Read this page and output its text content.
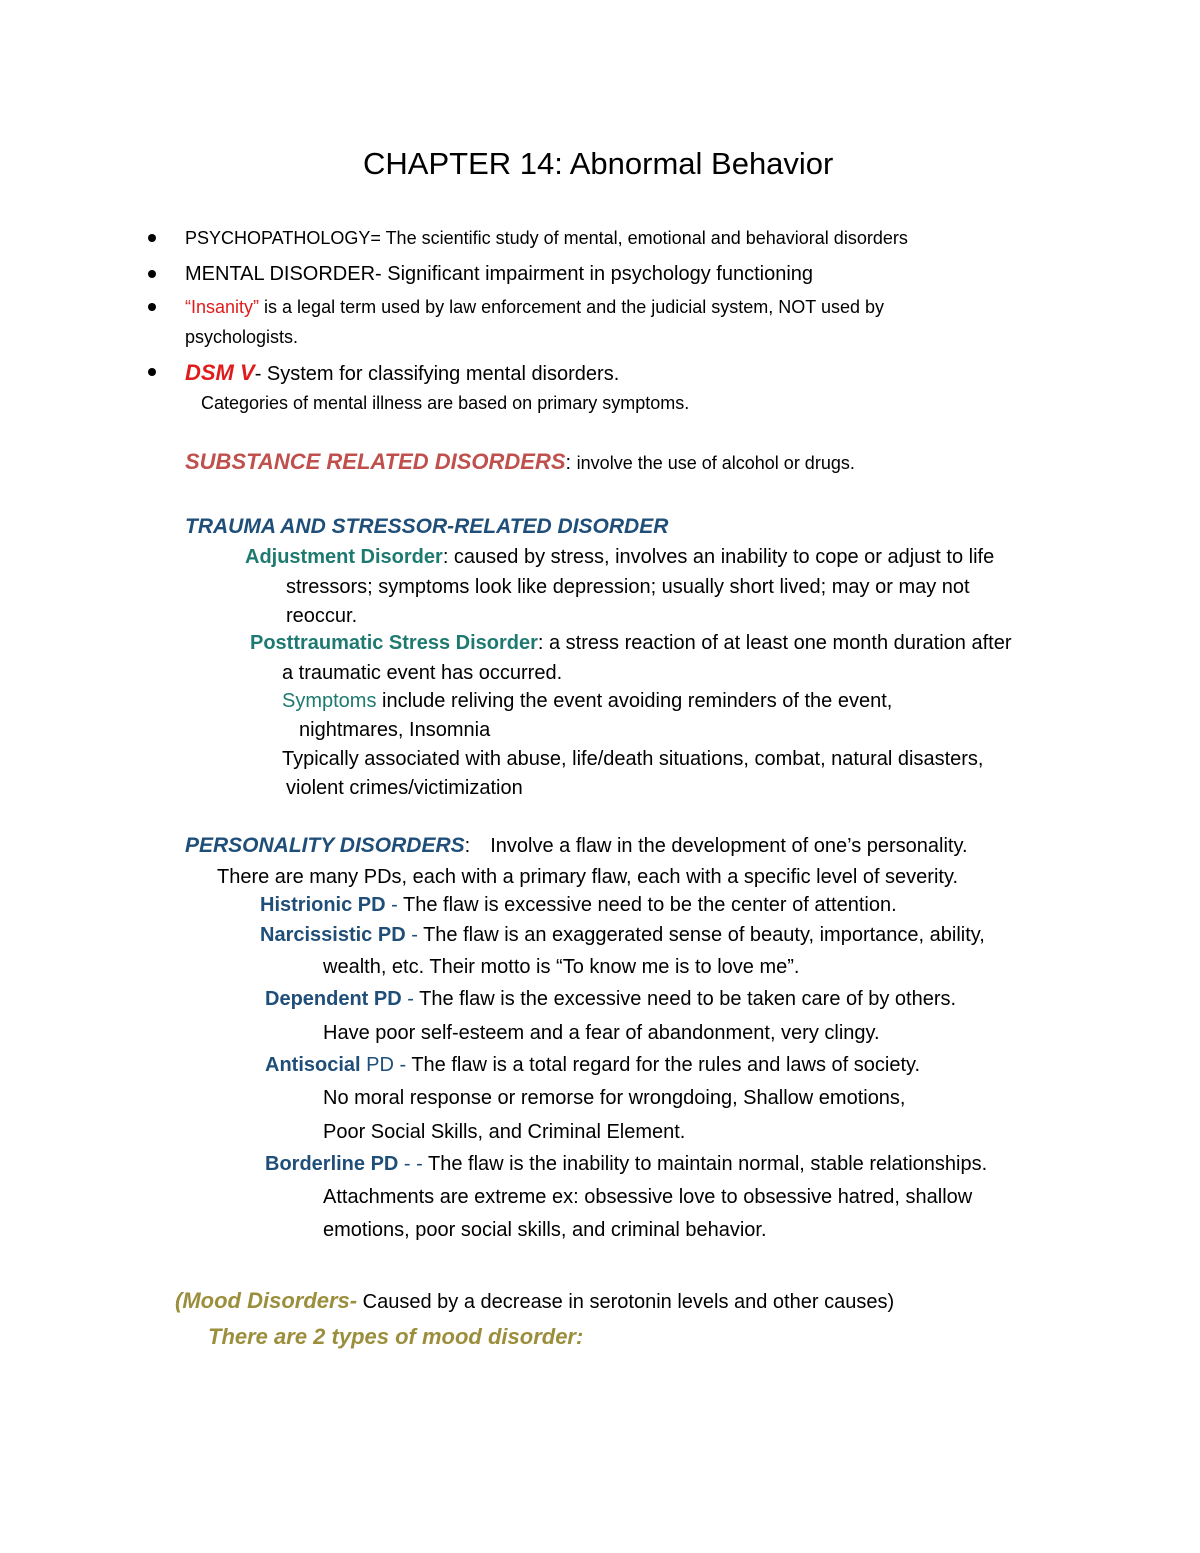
CHAPTER 14: Abnormal Behavior
PSYCHOPATHOLOGY= The scientific study of mental, emotional and behavioral disorders
MENTAL DISORDER- Significant impairment in psychology functioning
“Insanity” is a legal term used by law enforcement and the judicial system, NOT used by
psychologists.
DSM V- System for classifying mental disorders.
Categories of mental illness are based on primary symptoms.
SUBSTANCE RELATED DISORDERS: involve the use of alcohol or drugs.
TRAUMA AND STRESSOR-RELATED DISORDER
Adjustment Disorder: caused by stress, involves an inability to cope or adjust to life
stressors; symptoms look like depression; usually short lived; may or may not
reoccur.
Posttraumatic Stress Disorder: a stress reaction of at least one month duration after
a traumatic event has occurred.
Symptoms include reliving the event avoiding reminders of the event,
nightmares, Insomnia
Typically associated with abuse, life/death situations, combat, natural disasters,
violent crimes/victimization
PERSONALITY DISORDERS: Involve a flaw in the development of one’s personality.
There are many PDs, each with a primary flaw, each with a specific level of severity.
Histrionic PD - The flaw is excessive need to be the center of attention.
Narcissistic PD - The flaw is an exaggerated sense of beauty, importance, ability,
wealth, etc. Their motto is “To know me is to love me”.
Dependent PD - The flaw is the excessive need to be taken care of by others.
Have poor self-esteem and a fear of abandonment, very clingy.
Antisocial PD - The flaw is a total regard for the rules and laws of society.
No moral response or remorse for wrongdoing, Shallow emotions,
Poor Social Skills, and Criminal Element.
Borderline PD - - The flaw is the inability to maintain normal, stable relationships.
Attachments are extreme ex: obsessive love to obsessive hatred, shallow
emotions, poor social skills, and criminal behavior.
(Mood Disorders- Caused by a decrease in serotonin levels and other causes)
There are 2 types of mood disorder:
